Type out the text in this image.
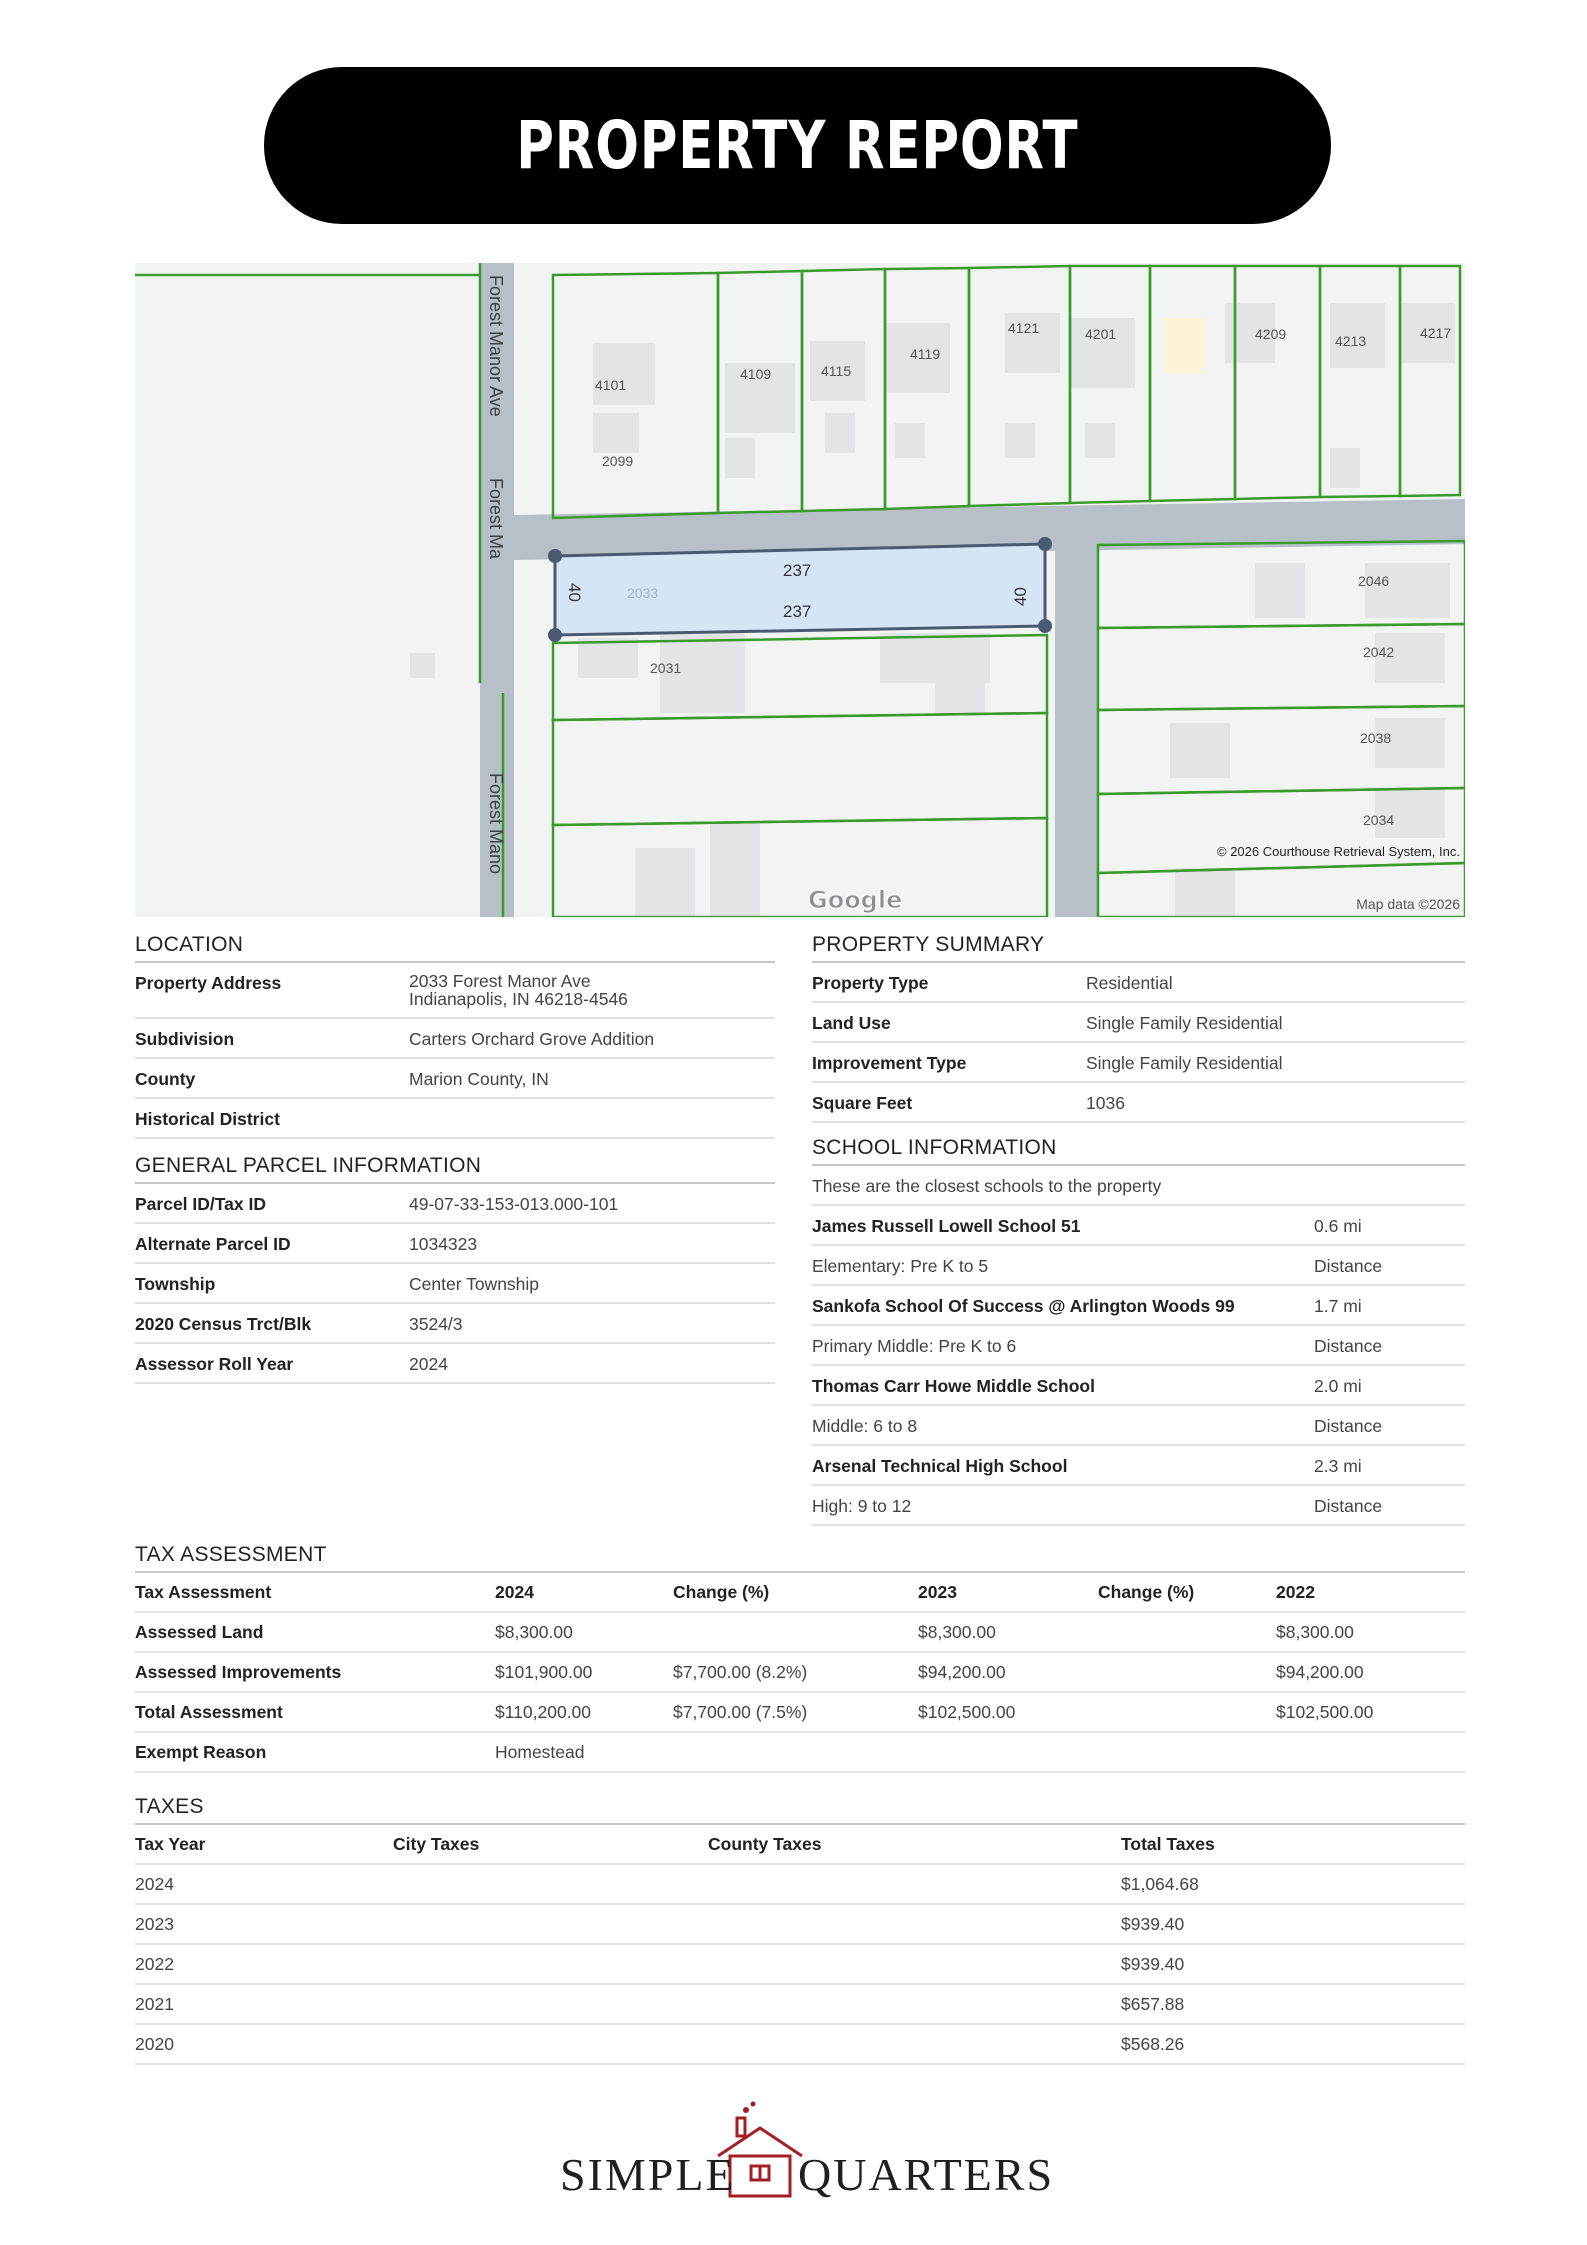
PROPERTY REPORT
4101
2099
4109	4115
4119
4121	4201	4209	4213	4217
2046
2042
2038
2034
2031
2033
237
237
40	40
Forest Manor Ave
Forest Ma
Forest Mano	© 2026 Courthouse Retrieval System, Inc.
Map data ©2026
Google
LOCATION
Property Address	2033 Forest Manor Ave
Indianapolis, IN 46218-4546
Subdivision	Carters Orchard Grove Addition
County	Marion County, IN
Historical District
GENERAL PARCEL INFORMATION
Parcel ID/Tax ID	49-07-33-153-013.000-101
Alternate Parcel ID	1034323
Township	Center Township
2020 Census Trct/Blk	3524/3
Assessor Roll Year	2024
PROPERTY SUMMARY
Property Type	Residential
Land Use	Single Family Residential
Improvement Type	Single Family Residential
Square Feet	1036
SCHOOL INFORMATION
These are the closest schools to the property
James Russell Lowell School 51	0.6 mi
Elementary: Pre K to 5	Distance
Sankofa School Of Success @ Arlington Woods 99	1.7 mi
Primary Middle: Pre K to 6	Distance
Thomas Carr Howe Middle School	2.0 mi
Middle: 6 to 8	Distance
Arsenal Technical High School	2.3 mi
High: 9 to 12	Distance
TAX ASSESSMENT
Tax Assessment	2024	Change (%)	2023	Change (%)	2022
Assessed Land	$8,300.00		$8,300.00		$8,300.00
Assessed Improvements	$101,900.00	$7,700.00 (8.2%)	$94,200.00		$94,200.00
Total Assessment	$110,200.00	$7,700.00 (7.5%)	$102,500.00		$102,500.00
Exempt Reason	Homestead				
TAXES
Tax Year	City Taxes	County Taxes	Total Taxes
2024			$1,064.68
2023			$939.40
2022			$939.40
2021			$657.88
2020			$568.26
SIMPLE QUARTERS
